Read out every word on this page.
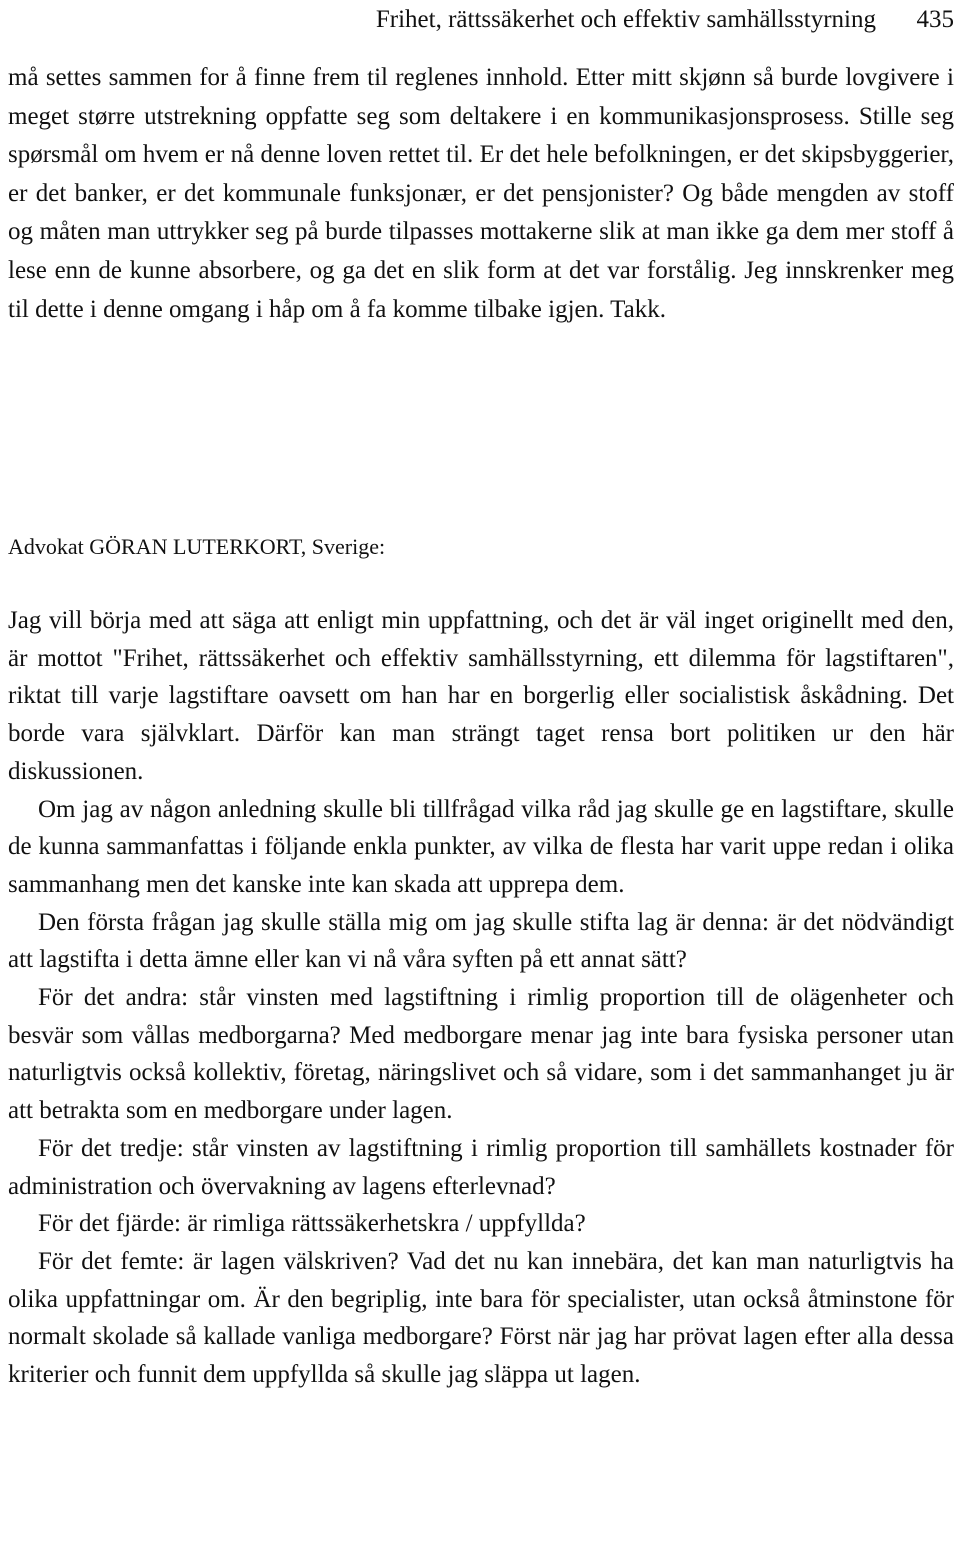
Frihet, rättssäkerhet och effektiv samhällsstyrning 435

må settes sammen for å finne frem til reglenes innhold. Etter mitt skjønn så burde lovgivere i meget større utstrekning oppfatte seg som deltakere i en kommunikasjonsprosess. Stille seg spørsmål om hvem er nå denne loven rettet til. Er det hele befolkningen, er det skipsbyggerier, er det banker, er det kommunale funksjonær, er det pensjonister? Og både mengden av stoff og måten man uttrykker seg på burde tilpasses mottakerne slik at man ikke ga dem mer stoff å lese enn de kunne absorbere, og ga det en slik form at det var forstålig. Jeg innskrenker meg til dette i denne omgang i håp om å fa komme tilbake igjen. Takk.

Advokat GÖRAN LUTERKORT, Sverige:

Jag vill börja med att säga att enligt min uppfattning, och det är väl inget originellt med den, är mottot "Frihet, rättssäkerhet och effektiv samhällsstyrning, ett dilemma för lagstiftaren", riktat till varje lagstiftare oavsett om han har en borgerlig eller socialistisk åskådning. Det borde vara självklart. Därför kan man strängt taget rensa bort politiken ur den här diskussionen.

Om jag av någon anledning skulle bli tillfrågad vilka råd jag skulle ge en lagstiftare, skulle de kunna sammanfattas i följande enkla punkter, av vilka de flesta har varit uppe redan i olika sammanhang men det kanske inte kan skada att upprepa dem.

Den första frågan jag skulle ställa mig om jag skulle stifta lag är denna: är det nödvändigt att lagstifta i detta ämne eller kan vi nå våra syften på ett annat sätt?

För det andra: står vinsten med lagstiftning i rimlig proportion till de olägenheter och besvär som vållas medborgarna? Med medborgare menar jag inte bara fysiska personer utan naturligtvis också kollektiv, företag, näringslivet och så vidare, som i det sammanhanget ju är att betrakta som en medborgare under lagen.

För det tredje: står vinsten av lagstiftning i rimlig proportion till samhällets kostnader för administration och övervakning av lagens efterlevnad?

För det fjärde: är rimliga rättssäkerhetskra / uppfyllda?

För det femte: är lagen välskriven? Vad det nu kan innebära, det kan man naturligtvis ha olika uppfattningar om. Är den begriplig, inte bara för specialister, utan också åtminstone för normalt skolade så kallade vanliga medborgare? Först när jag har prövat lagen efter alla dessa kriterier och funnit dem uppfyllda så skulle jag släppa ut lagen.
